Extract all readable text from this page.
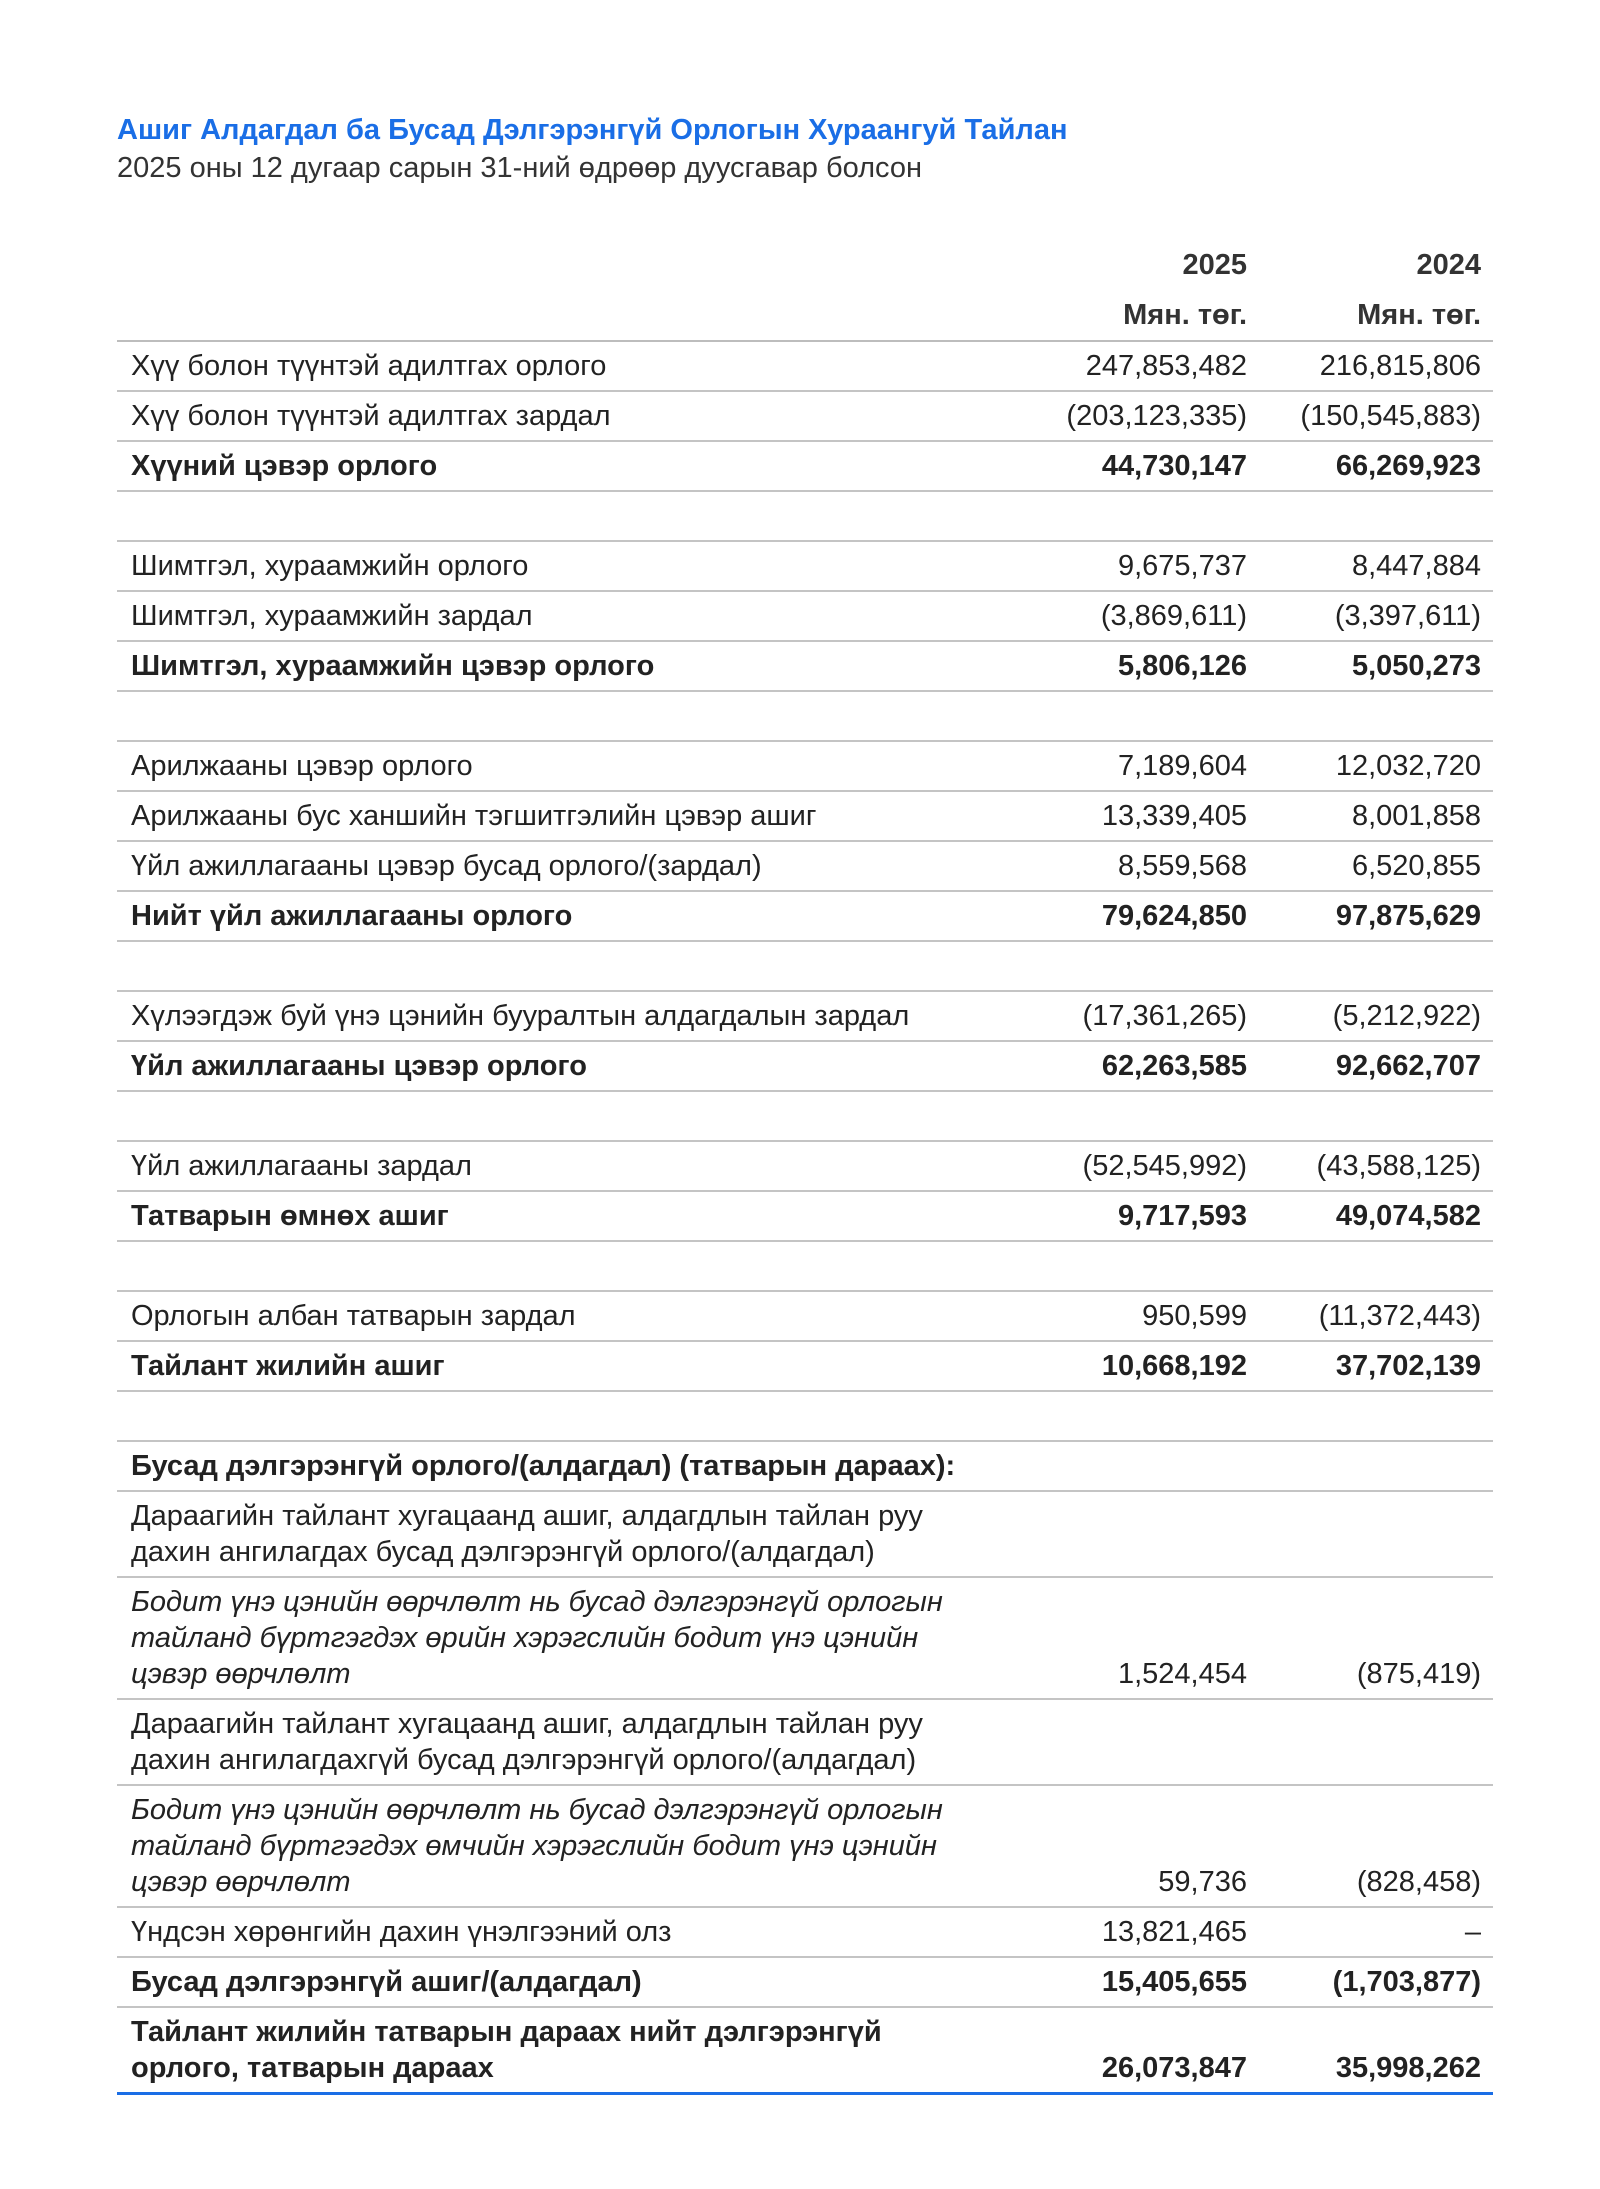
Ашиг Алдагдал ба Бусад Дэлгэрэнгүй Орлогын Хураангуй Тайлан

2025 оны 12 дугаар сарын 31-ний өдрөөр дуусгавар болсон

	2025	2024
	Мян. төг.	Мян. төг.
Хүү болон түүнтэй адилтгах орлого	247,853,482	216,815,806
Хүү болон түүнтэй адилтгах зардал	(203,123,335)	(150,545,883)
Хүүний цэвэр орлого	44,730,147	66,269,923

Шимтгэл, хураамжийн орлого	9,675,737	8,447,884
Шимтгэл, хураамжийн зардал	(3,869,611)	(3,397,611)
Шимтгэл, хураамжийн цэвэр орлого	5,806,126	5,050,273

Арилжааны цэвэр орлого	7,189,604	12,032,720
Арилжааны бус ханшийн тэгшитгэлийн цэвэр ашиг	13,339,405	8,001,858
Үйл ажиллагааны цэвэр бусад орлого/(зардал)	8,559,568	6,520,855
Нийт үйл ажиллагааны орлого	79,624,850	97,875,629

Хүлээгдэж буй үнэ цэнийн бууралтын алдагдалын зардал	(17,361,265)	(5,212,922)
Үйл ажиллагааны цэвэр орлого	62,263,585	92,662,707

Үйл ажиллагааны зардал	(52,545,992)	(43,588,125)
Татварын өмнөх ашиг	9,717,593	49,074,582

Орлогын албан татварын зардал	950,599	(11,372,443)
Тайлант жилийн ашиг	10,668,192	37,702,139

Бусад дэлгэрэнгүй орлого/(алдагдал) (татварын дараах):		
Дараагийн тайлант хугацаанд ашиг, алдагдлын тайлан руу
дахин ангилагдах бусад дэлгэрэнгүй орлого/(алдагдал)		
Бодит үнэ цэнийн өөрчлөлт нь бусад дэлгэрэнгүй орлогын
тайланд бүртгэгдэх өрийн хэрэгслийн бодит үнэ цэнийн
цэвэр өөрчлөлт	1,524,454	(875,419)
Дараагийн тайлант хугацаанд ашиг, алдагдлын тайлан руу
дахин ангилагдахгүй бусад дэлгэрэнгүй орлого/(алдагдал)		
Бодит үнэ цэнийн өөрчлөлт нь бусад дэлгэрэнгүй орлогын
тайланд бүртгэгдэх өмчийн хэрэгслийн бодит үнэ цэнийн
цэвэр өөрчлөлт	59,736	(828,458)
Үндсэн хөрөнгийн дахин үнэлгээний олз	13,821,465	–
Бусад дэлгэрэнгүй ашиг/(алдагдал)	15,405,655	(1,703,877)
Тайлант жилийн татварын дараах нийт дэлгэрэнгүй
орлого, татварын дараах	26,073,847	35,998,262
